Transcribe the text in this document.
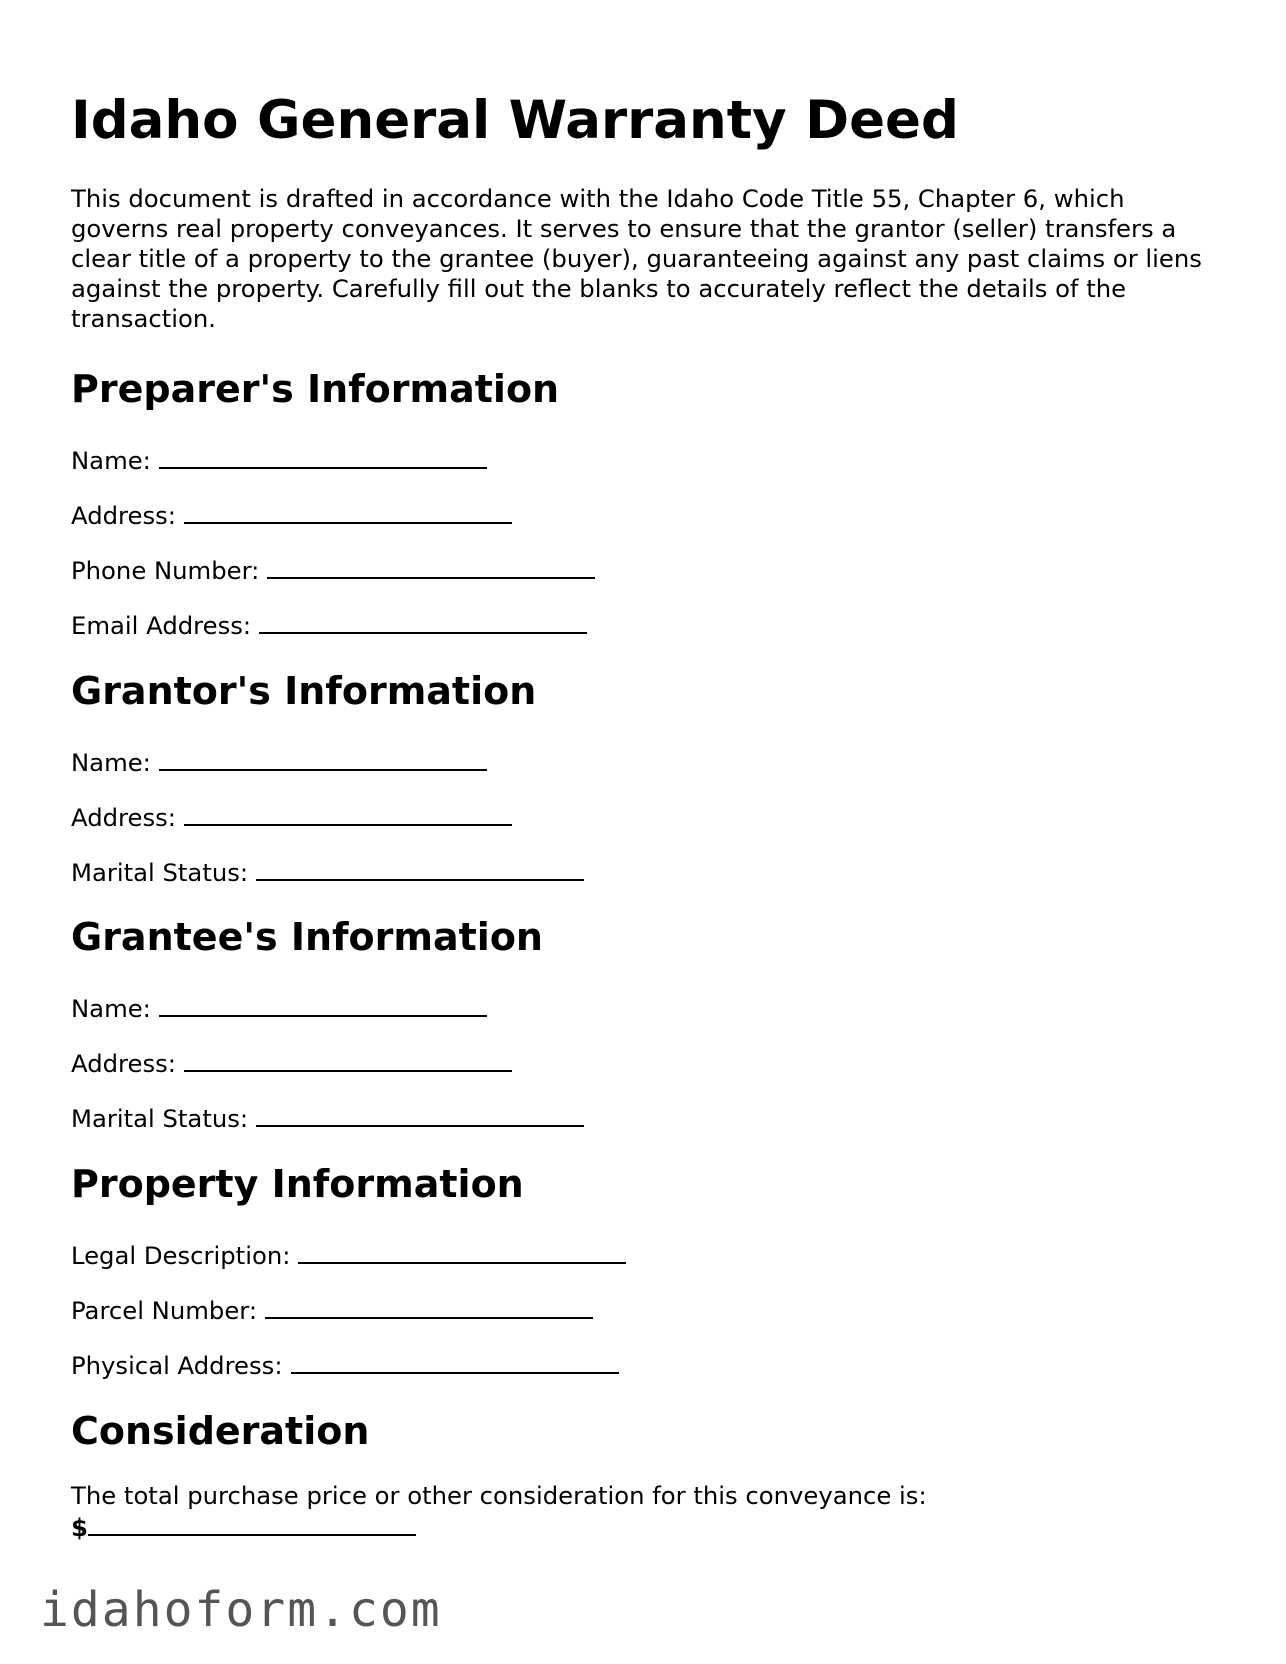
Idaho General Warranty Deed

This document is drafted in accordance with the Idaho Code Title 55, Chapter 6, which governs real property conveyances. It serves to ensure that the grantor (seller) transfers a clear title of a property to the grantee (buyer), guaranteeing against any past claims or liens against the property. Carefully fill out the blanks to accurately reflect the details of the transaction.

Preparer's Information
Name:
Address:
Phone Number:
Email Address:
Grantor's Information
Name:
Address:
Marital Status:
Grantee's Information
Name:
Address:
Marital Status:
Property Information
Legal Description:
Parcel Number:
Physical Address:
Consideration

The total purchase price or other consideration for this conveyance is:

$
idahoform.com
